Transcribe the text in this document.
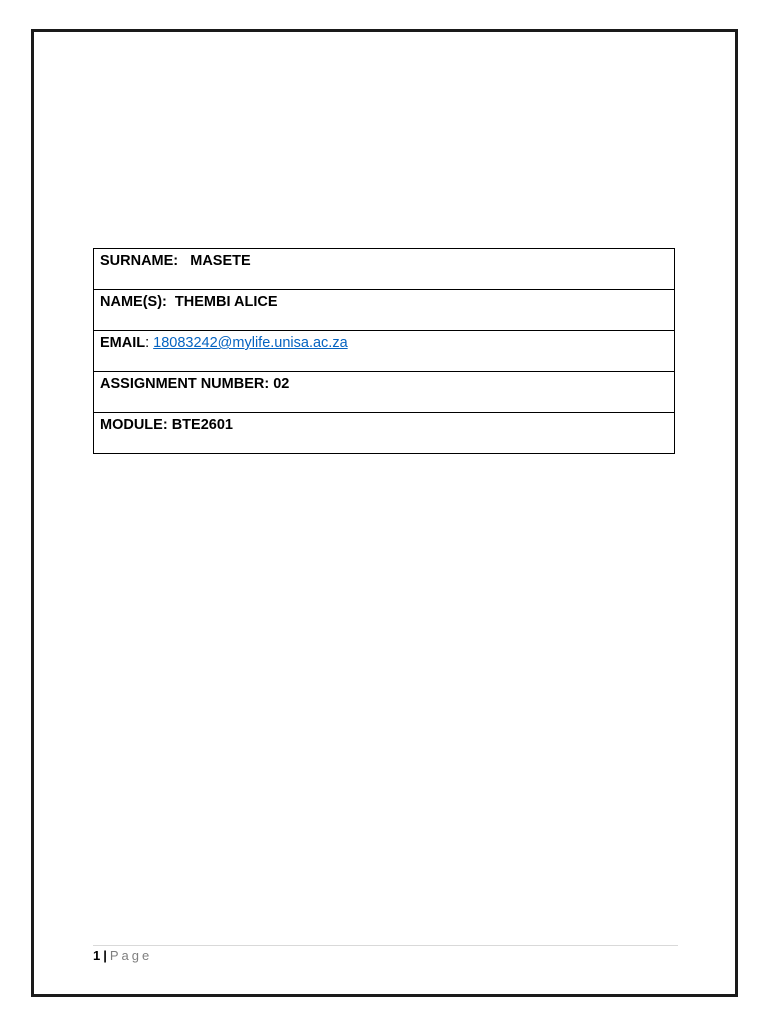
SURNAME: MASETE
NAME(S): THEMBI ALICE
EMAIL: 18083242@mylife.unisa.ac.za
ASSIGNMENT NUMBER: 02
MODULE: BTE2601
1 | Page
